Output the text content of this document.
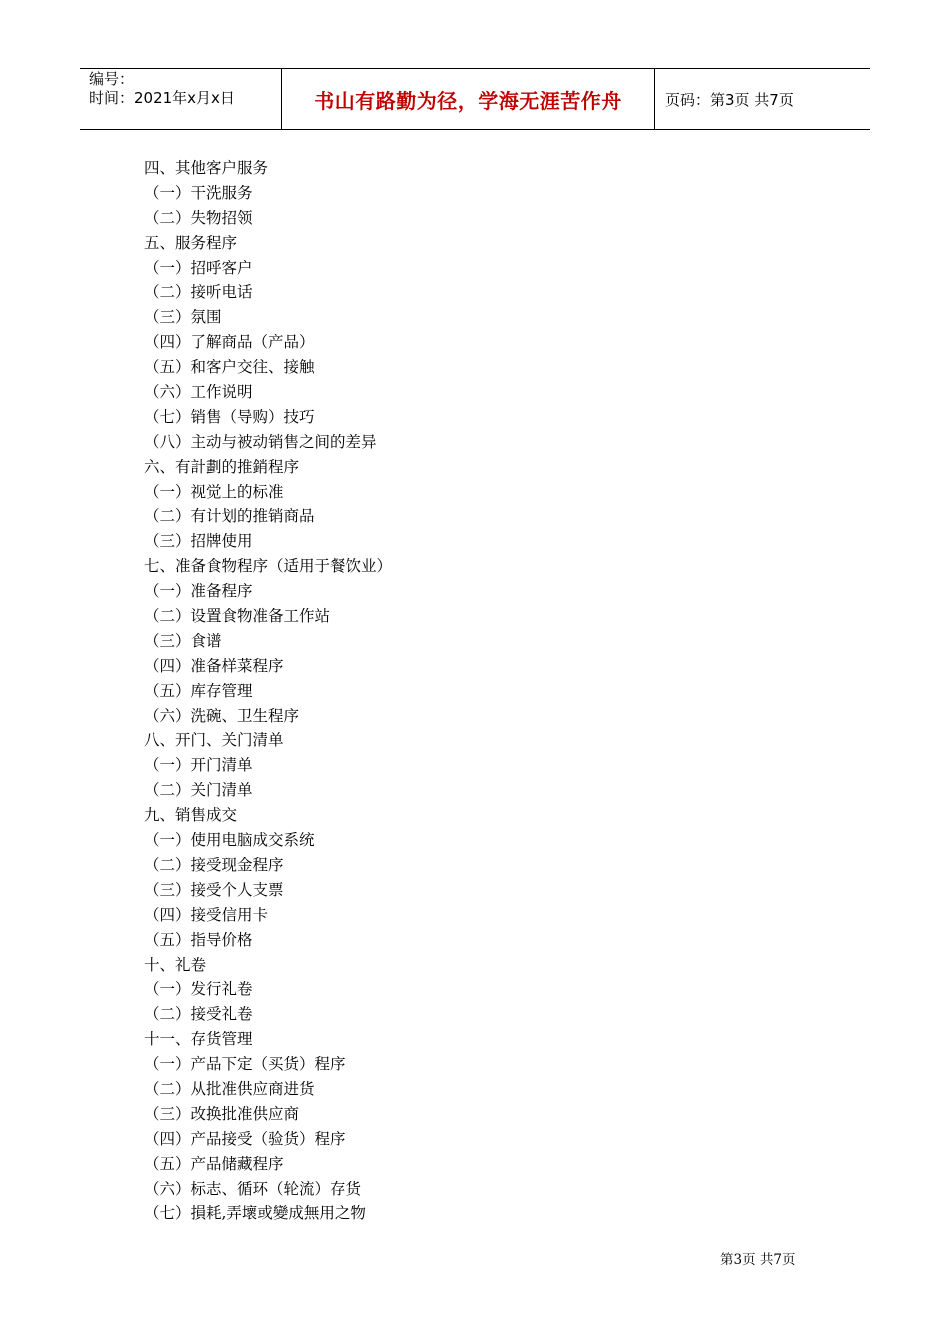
编号：
时间：2021年x月x日	书山有路勤为径，学海无涯苦作舟	页码：第3页 共7页
四、其他客户服务
（一）干洗服务
（二）失物招领
五、服务程序
（一）招呼客户
（二）接听电话
（三）氛围
（四）了解商品（产品）
（五）和客户交往、接触
（六）工作说明
（七）销售（导购）技巧
（八）主动与被动销售之间的差异
六、有計劃的推銷程序
（一）视觉上的标准
（二）有计划的推销商品
（三）招牌使用
七、准备食物程序（适用于餐饮业）
（一）准备程序
（二）设置食物准备工作站
（三）食谱
（四）准备样菜程序
（五）库存管理
（六）洗碗、卫生程序
八、开门、关门清单
（一）开门清单
（二）关门清单
九、销售成交
（一）使用电脑成交系统
（二）接受现金程序
（三）接受个人支票
（四）接受信用卡
（五）指导价格
十、礼卷
（一）发行礼卷
（二）接受礼卷
十一、存货管理
（一）产品下定（买货）程序
（二）从批准供应商进货
（三）改换批准供应商
（四）产品接受（验货）程序
（五）产品储藏程序
（六）标志、循环（轮流）存货
（七）損耗,弄壞或變成無用之物
第3页 共7页
